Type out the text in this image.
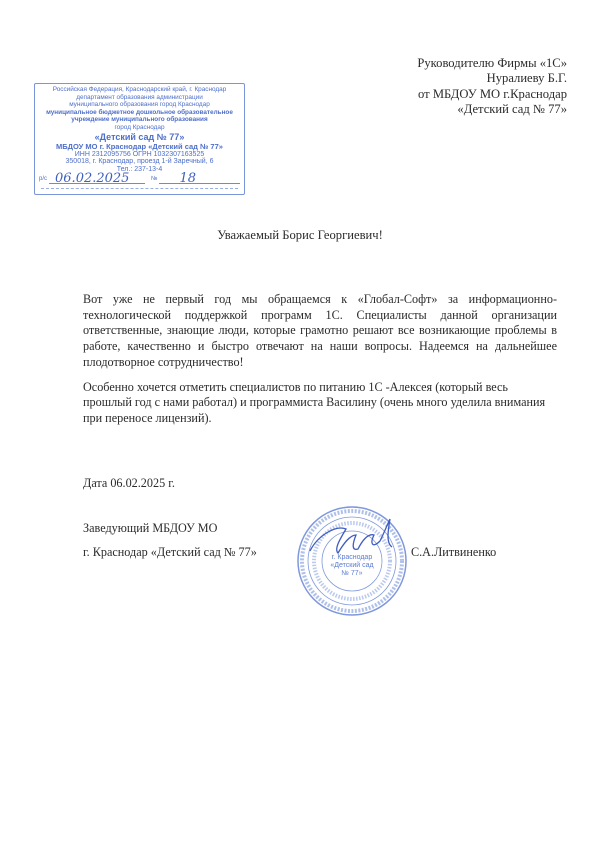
Руководителю Фирмы «1С»
Нуралиеву Б.Г.
от МБДОУ МО г.Краснодар
«Детский сад № 77»
Российская Федерация, Краснодарский край, г. Краснодар
департамент образования администрации
муниципального образования город Краснодар
муниципальное бюджетное дошкольное образовательное
учреждение муниципального образования
город Краснодар
«Детский сад № 77»
МБДОУ МО г. Краснодар «Детский сад № 77»
ИНН 2312095756 ОГРН 1032307163525
350018, г. Краснодар, проезд 1-й Заречный, 6
Тел.: 237-13-4
р/с 06.02.2025	№	18
Уважаемый Борис Георгиевич!

Вот уже не первый год мы обращаемся к «Глобал-Софт» за информационно-технологической поддержкой программ 1С. Специалисты данной организации ответственные, знающие люди, которые грамотно решают все возникающие проблемы в работе, качественно и быстро отвечают на наши вопросы. Надеемся на дальнейшее плодотворное сотрудничество!

Особенно хочется отметить специалистов по питанию 1С -Алексея (который весь прошлый год с нами работал) и программиста Василину (очень много уделила внимания при переносе лицензий).

Дата 06.02.2025 г.
Заведующий МБДОУ МО
г. Краснодар «Детский сад № 77»	С.А.Литвиненко
г. Краснодар
«Детский сад
№ 77»
